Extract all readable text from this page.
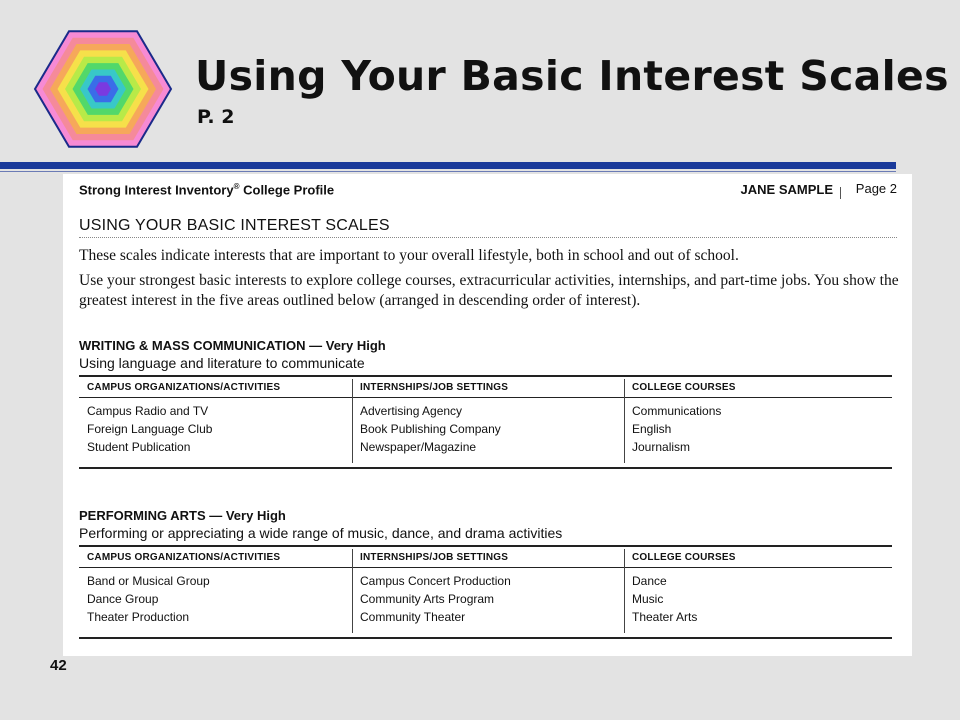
Using Your Basic Interest Scales
P. 2
Strong Interest Inventory® College Profile	JANE SAMPLE Page 2
USING YOUR BASIC INTEREST SCALES
These scales indicate interests that are important to your overall lifestyle, both in school and out of school.
Use your strongest basic interests to explore college courses, extracurricular activities, internships, and part-time jobs. You show the greatest interest in the five areas outlined below (arranged in descending order of interest).
WRITING & MASS COMMUNICATION — Very High
Using language and literature to communicate
CAMPUS ORGANIZATIONS/ACTIVITIES
Campus Radio and TV
Foreign Language Club
Student Publication
INTERNSHIPS/JOB SETTINGS
Advertising Agency
Book Publishing Company
Newspaper/Magazine
COLLEGE COURSES
Communications
English
Journalism
PERFORMING ARTS — Very High
Performing or appreciating a wide range of music, dance, and drama activities
CAMPUS ORGANIZATIONS/ACTIVITIES
Band or Musical Group
Dance Group
Theater Production
INTERNSHIPS/JOB SETTINGS
Campus Concert Production
Community Arts Program
Community Theater
COLLEGE COURSES
Dance
Music
Theater Arts
42
